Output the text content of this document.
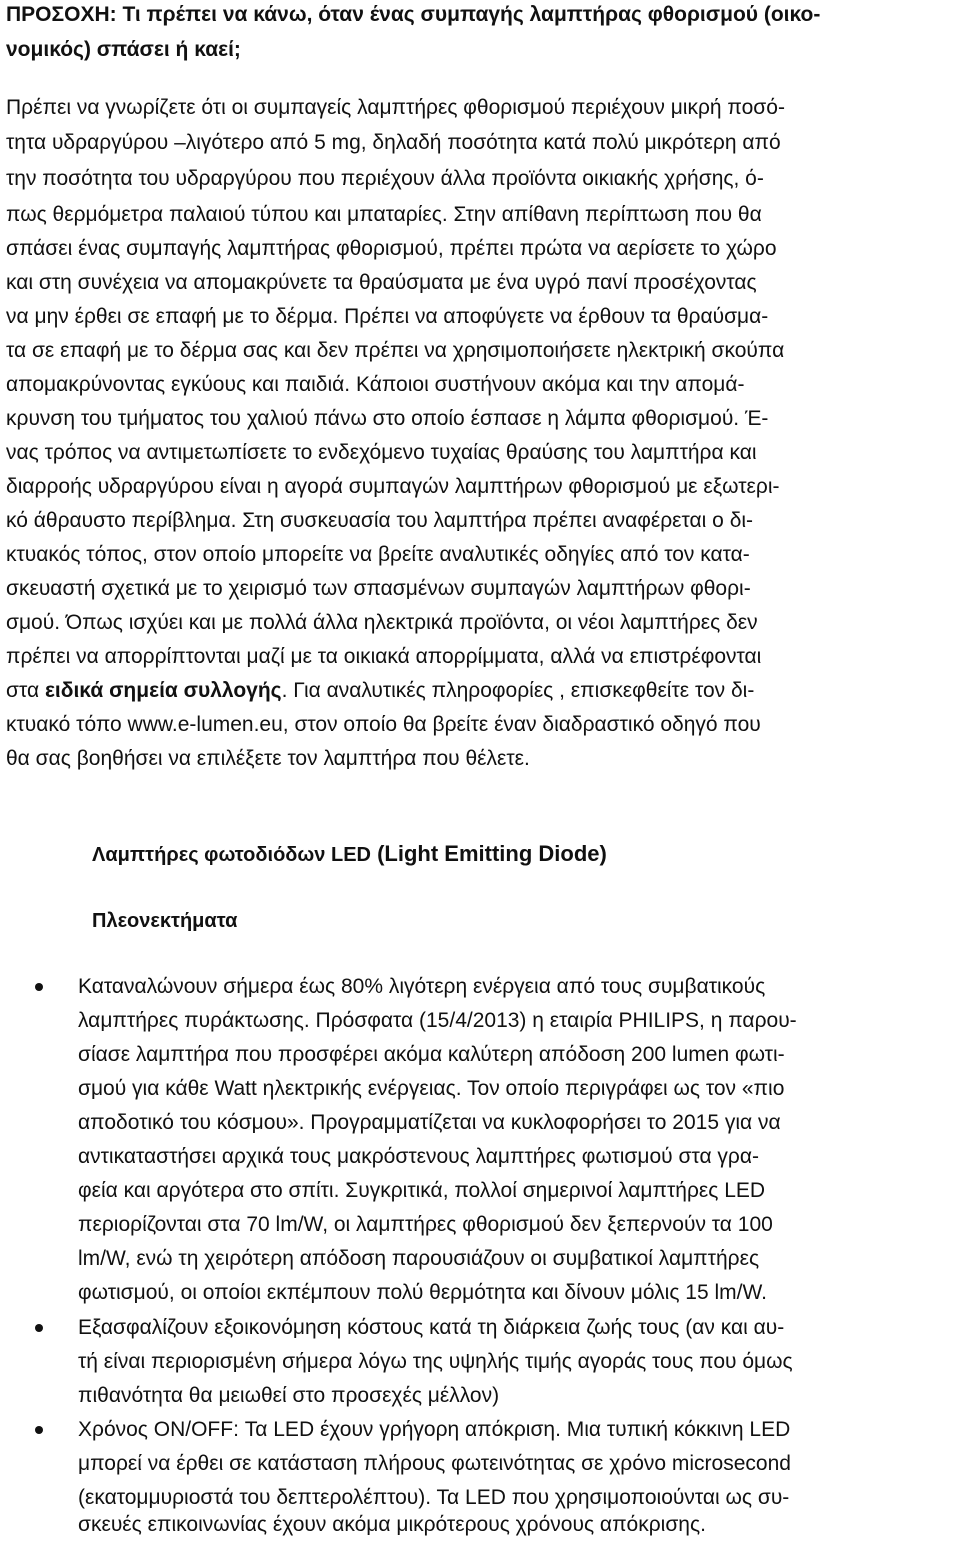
ΠΡΟΣΟΧΗ: Τι πρέπει να κάνω, όταν ένας συμπαγής λαμπτήρας φθορισμού (οικο-
νομικός) σπάσει ή καεί;
Πρέπει να γνωρίζετε ότι οι συμπαγείς λαμπτήρες φθορισμού περιέχουν μικρή ποσό-
τητα υδραργύρου –λιγότερο από 5 mg, δηλαδή ποσότητα κατά πολύ μικρότερη από
την ποσότητα του υδραργύρου που περιέχουν άλλα προϊόντα οικιακής χρήσης, ό-
πως θερμόμετρα παλαιού τύπου και μπαταρίες. Στην απίθανη περίπτωση που θα
σπάσει ένας συμπαγής λαμπτήρας φθορισμού, πρέπει πρώτα να αερίσετε το χώρο
και στη συνέχεια να απομακρύνετε τα θραύσματα με ένα υγρό πανί προσέχοντας
να μην έρθει σε επαφή με το δέρμα. Πρέπει να αποφύγετε να έρθουν τα θραύσμα-
τα σε επαφή με το δέρμα σας και δεν πρέπει να χρησιμοποιήσετε ηλεκτρική σκούπα
απομακρύνοντας εγκύους και παιδιά. Κάποιοι συστήνουν ακόμα και την απομά-
κρυνση του τμήματος του χαλιού πάνω στο οποίο έσπασε η λάμπα φθορισμού. Έ-
νας τρόπος να αντιμετωπίσετε το ενδεχόμενο τυχαίας θραύσης του λαμπτήρα και
διαρροής υδραργύρου είναι η αγορά συμπαγών λαμπτήρων φθορισμού με εξωτερι-
κό άθραυστο περίβλημα. Στη συσκευασία του λαμπτήρα πρέπει αναφέρεται ο δι-
κτυακός τόπος, στον οποίο μπορείτε να βρείτε αναλυτικές οδηγίες από τον κατα-
σκευαστή σχετικά με το χειρισμό των σπασμένων συμπαγών λαμπτήρων φθορι-
σμού. Όπως ισχύει και με πολλά άλλα ηλεκτρικά προϊόντα, οι νέοι λαμπτήρες δεν
πρέπει να απορρίπτονται μαζί με τα οικιακά απορρίμματα, αλλά να επιστρέφονται
στα ειδικά σημεία συλλογής. Για αναλυτικές πληροφορίες , επισκεφθείτε τον δι-
κτυακό τόπο www.e-lumen.eu, στον οποίο θα βρείτε έναν διαδραστικό οδηγό που
θα σας βοηθήσει να επιλέξετε τον λαμπτήρα που θέλετε.
Λαμπτήρες φωτοδιόδων LED (Light Emitting Diode)
Πλεονεκτήματα
Καταναλώνουν σήμερα έως 80% λιγότερη ενέργεια από τους συμβατικούς
λαμπτήρες πυράκτωσης. Πρόσφατα (15/4/2013) η εταιρία PHILIPS, η παρου-
σίασε λαμπτήρα που προσφέρει ακόμα καλύτερη απόδοση 200 lumen φωτι-
σμού για κάθε Watt ηλεκτρικής ενέργειας. Τον οποίο περιγράφει ως τον «πιο
αποδοτικό του κόσμου». Προγραμματίζεται να κυκλοφορήσει το 2015 για να
αντικαταστήσει αρχικά τους μακρόστενους λαμπτήρες φωτισμού στα γρα-
φεία και αργότερα στο σπίτι. Συγκριτικά, πολλοί σημερινοί λαμπτήρες LED
περιορίζονται στα 70 lm/W, οι λαμπτήρες φθορισμού δεν ξεπερνούν τα 100
lm/W, ενώ τη χειρότερη απόδοση παρουσιάζουν οι συμβατικοί λαμπτήρες
φωτισμού, οι οποίοι εκπέμπουν πολύ θερμότητα και δίνουν μόλις 15 lm/W.
Εξασφαλίζουν εξοικονόμηση κόστους κατά τη διάρκεια ζωής τους (αν και αυ-
τή είναι περιορισμένη σήμερα λόγω της υψηλής τιμής αγοράς τους που όμως
πιθανότητα θα μειωθεί στο προσεχές μέλλον)
Χρόνος ON/OFF: Τα LED έχουν γρήγορη απόκριση. Μια τυπική κόκκινη LED
μπορεί να έρθει σε κατάσταση πλήρους φωτεινότητας σε χρόνο microsecond
(εκατομμυριοστά του δεπτερολέπτου). Τα LED που χρησιμοποιούνται ως συ-
σκευές επικοινωνίας έχουν ακόμα μικρότερους χρόνους απόκρισης.
